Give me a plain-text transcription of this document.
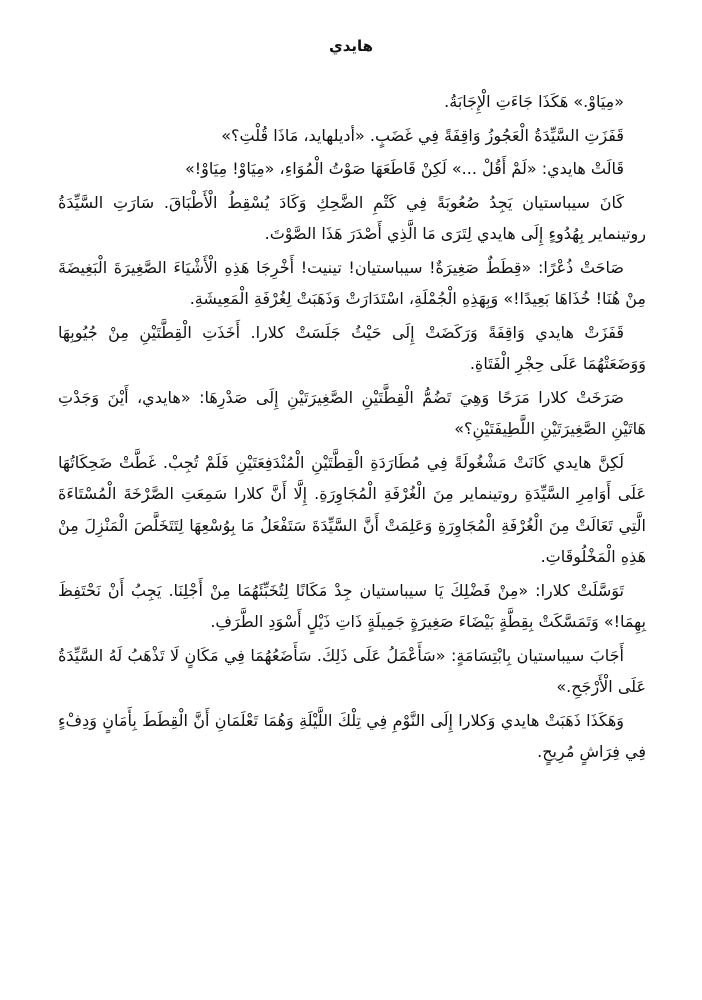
هايدي

«مِيَاوْ.» هَكَذَا جَاءَتِ الْإِجَابَةُ.

قَفَزَتِ السَّيِّدَةُ الْعَجُوزُ وَاقِفَةً فِي غَضَبٍ. «أديلهايد، مَاذَا قُلْتِ؟»

قَالَتْ هايدي: «لَمْ أَقُلْ ...» لَكِنْ قَاطَعَهَا صَوْتُ الْمُوَاءِ، «مِيَاوْ! مِيَاوْ!»

كَانَ سيباستيان يَجِدُ صُعُوبَةً فِي كَتْمِ الضَّحِكِ وَكَادَ يُسْقِطُ الْأَطْبَاقَ. سَارَتِ السَّيِّدَةُ روتينماير بِهُدُوءٍ إِلَى هايدي لِتَرَى مَا الَّذِي أَصْدَرَ هَذَا الصَّوْتَ.

صَاحَتْ ذُعْرًا: «قِطَطٌ صَغِيرَةٌ! سيباستيان! تينيت! أَخْرِجَا هَذِهِ الْأَشْيَاءَ الصَّغِيرَةَ الْبَغِيضَةَ مِنْ هُنَا! خُذَاهَا بَعِيدًا!» وَبِهَذِهِ الْجُمْلَةِ، اسْتَدَارَتْ وَذَهَبَتْ لِغُرْفَةِ الْمَعِيشَةِ.

قَفَزَتْ هايدي وَاقِفَةً وَرَكَضَتْ إِلَى حَيْثُ جَلَسَتْ كلارا. أَخَذَتِ الْقِطَّتَيْنِ مِنْ جُيُوبِهَا وَوَضَعَتْهُمَا عَلَى حِجْرِ الْفَتَاةِ.

صَرَخَتْ كلارا مَرَحًا وَهِيَ تَضُمُّ الْقِطَّتَيْنِ الصَّغِيرَتَيْنِ إِلَى صَدْرِهَا: «هايدي، أَيْنَ وَجَدْتِ هَاتَيْنِ الصَّغِيرَتَيْنِ اللَّطِيفَتَيْنِ؟»

لَكِنَّ هايدي كَانَتْ مَشْغُولَةً فِي مُطَارَدَةِ الْقِطَّتَيْنِ الْمُنْدَفِعَتَيْنِ فَلَمْ تُجِبْ. غَطَّتْ ضَحِكَاتُهَا عَلَى أَوَامِرِ السَّيِّدَةِ روتينماير مِنَ الْغُرْفَةِ الْمُجَاوِرَةِ. إِلَّا أَنَّ كلارا سَمِعَتِ الصَّرْخَةَ الْمُسْتَاءَةَ الَّتِي تَعَالَتْ مِنَ الْغُرْفَةِ الْمُجَاوِرَةِ وَعَلِمَتْ أَنَّ السَّيِّدَةَ سَتَفْعَلُ مَا بِوُسْعِهَا لِتَتَخَلَّصَ الْمَنْزِلَ مِنْ هَذِهِ الْمَخْلُوقَاتِ.

تَوَسَّلَتْ كلارا: «مِنْ فَضْلِكَ يَا سيباستيان جِدْ مَكَانًا لِتُخَبِّئَهُمَا مِنْ أَجْلِنَا. يَجِبُ أَنْ نَحْتَفِظَ بِهِمَا!» وَتَمَسَّكَتْ بِقِطَّةٍ بَيْضَاءَ صَغِيرَةٍ جَمِيلَةٍ ذَاتِ ذَيْلٍ أَسْوَدِ الطَّرَفِ.

أَجَابَ سيباستيان بِابْتِسَامَةٍ: «سَأَعْمَلُ عَلَى ذَلِكَ. سَأَضَعُهُمَا فِي مَكَانٍ لَا تَذْهَبُ لَهُ السَّيِّدَةُ عَلَى الْأَرْجَحِ.»

وَهَكَذَا ذَهَبَتْ هايدي وَكلارا إِلَى النَّوْمِ فِي تِلْكَ اللَّيْلَةِ وَهُمَا تَعْلَمَانِ أَنَّ الْقِطَطَ بِأَمَانٍ وَدِفْءٍ فِي فِرَاشٍ مُرِيحٍ.
